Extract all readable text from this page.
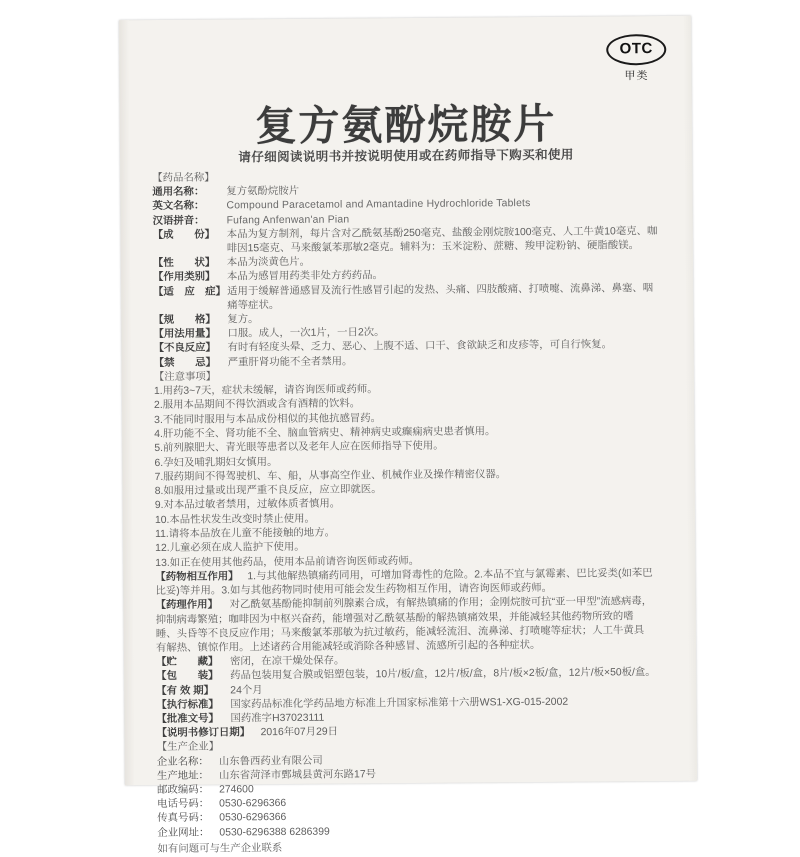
OTC
甲类
复方氨酚烷胺片
请仔细阅读说明书并按说明使用或在药师指导下购买和使用
【药品名称】
通用名称：	复方氨酚烷胺片
英文名称：	Compound Paracetamol and Amantadine Hydrochloride Tablets
汉语拼音：	Fufang Anfenwan'an Pian
【成　　份】	本品为复方制剂，每片含对乙酰氨基酚250毫克、盐酸金刚烷胺100毫克、人工牛黄10毫克、咖
啡因15毫克、马来酸氯苯那敏2毫克。辅料为：玉米淀粉、蔗糖、羧甲淀粉钠、硬脂酸镁。
【性　　状】	本品为淡黄色片。
【作用类别】	本品为感冒用药类非处方药药品。
【适　应　症】 适用于缓解普通感冒及流行性感冒引起的发热、头痛、四肢酸痛、打喷嚏、流鼻涕、鼻塞、咽
痛等症状。
【规　　格】	复方。
【用法用量】	口服。成人，一次1片，一日2次。
【不良反应】	有时有轻度头晕、乏力、恶心、上腹不适、口干、食欲缺乏和皮疹等，可自行恢复。
【禁　　忌】	严重肝肾功能不全者禁用。
【注意事项】
1.用药3~7天，症状未缓解，请咨询医师或药师。
2.服用本品期间不得饮酒或含有酒精的饮料。
3.不能同时服用与本品成份相似的其他抗感冒药。
4.肝功能不全、肾功能不全、脑血管病史、精神病史或癫痫病史患者慎用。
5.前列腺肥大、青光眼等患者以及老年人应在医师指导下使用。
6.孕妇及哺乳期妇女慎用。
7.服药期间不得驾驶机、车、船，从事高空作业、机械作业及操作精密仪器。
8.如服用过量或出现严重不良反应，应立即就医。
9.对本品过敏者禁用，过敏体质者慎用。
10.本品性状发生改变时禁止使用。
11.请将本品放在儿童不能接触的地方。
12.儿童必须在成人监护下使用。
13.如正在使用其他药品，使用本品前请咨询医师或药师。
【药物相互作用】 1.与其他解热镇痛药同用，可增加肾毒性的危险。2.本品不宜与氯霉素、巴比妥类(如苯巴
比妥)等并用。3.如与其他药物同时使用可能会发生药物相互作用，请咨询医师或药师。
【药理作用】	对乙酰氨基酚能抑制前列腺素合成，有解热镇痛的作用；金刚烷胺可抗“亚一甲型”流感病毒，
抑制病毒繁殖；咖啡因为中枢兴奋药，能增强对乙酰氨基酚的解热镇痛效果，并能减轻其他药物所致的嗜
睡、头昏等不良反应作用；马来酸氯苯那敏为抗过敏药，能减轻流泪、流鼻涕、打喷嚏等症状；人工牛黄具
有解热、镇惊作用。上述诸药合用能减轻或消除各种感冒、流感所引起的各种症状。
【贮　　藏】	密闭，在凉干燥处保存。
【包　　装】	药品包装用复合膜或铝塑包装，10片/板/盒，12片/板/盒，8片/板×2板/盒，12片/板×50板/盒。
【有 效 期】	24个月
【执行标准】	国家药品标准化学药品地方标准上升国家标准第十六册WS1-XG-015-2002
【批准文号】	国药准字H37023111
【说明书修订日期】 2016年07月29日
【生产企业】
企业名称： 山东鲁西药业有限公司
生产地址： 山东省菏泽市鄄城县黄河东路17号
邮政编码： 274600
电话号码： 0530-6296366
传真号码： 0530-6296366
企业网址： 0530-6296388 6286399
如有问题可与生产企业联系
